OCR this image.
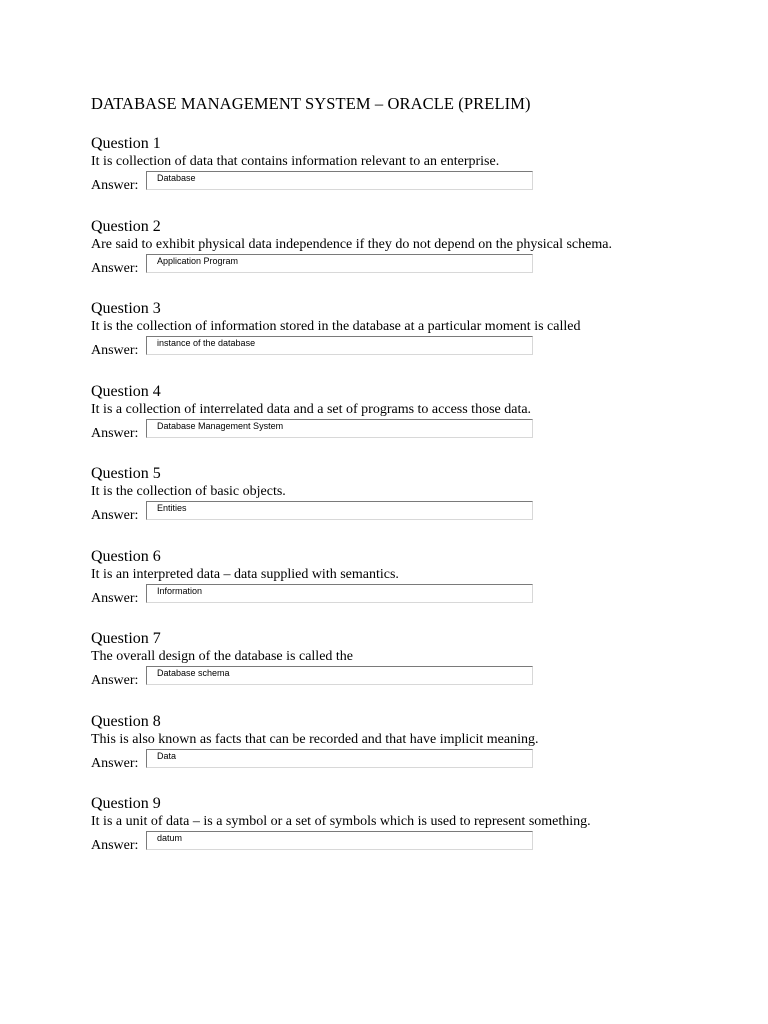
DATABASE MANAGEMENT SYSTEM – ORACLE (PRELIM)
Question 1
It is collection of data that contains information relevant to an enterprise.
Answer: Database
Question 2
Are said to exhibit physical data independence if they do not depend on the physical schema.
Answer: Application Program
Question 3
It is the collection of information stored in the database at a particular moment is called
Answer: instance of the database
Question 4
It is a collection of interrelated data and a set of programs to access those data.
Answer: Database Management System
Question 5
It is the collection of basic objects.
Answer: Entities
Question 6
It is an interpreted data – data supplied with semantics.
Answer: Information
Question 7
The overall design of the database is called the
Answer: Database schema
Question 8
This is also known as facts that can be recorded and that have implicit meaning.
Answer: Data
Question 9
It is a unit of data – is a symbol or a set of symbols which is used to represent something.
Answer: datum
